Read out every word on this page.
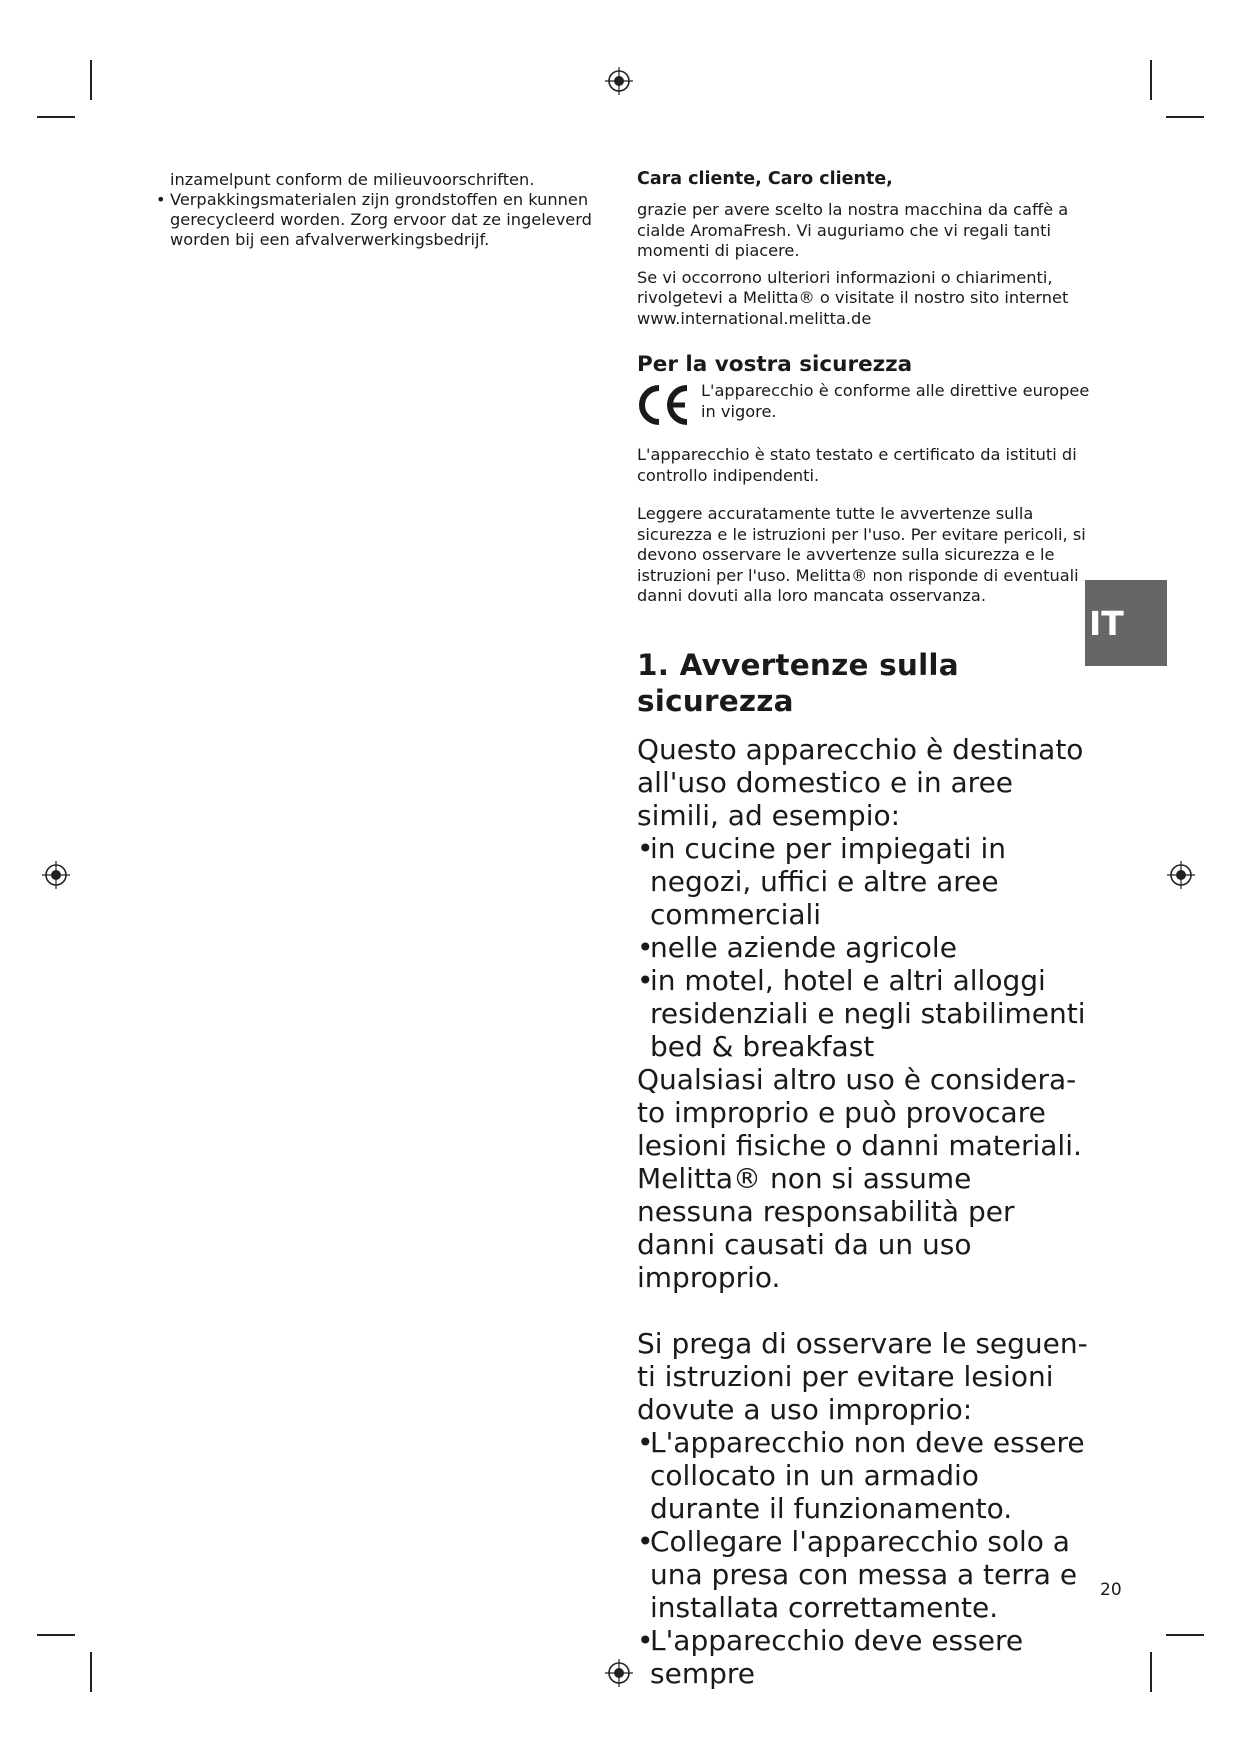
inzamelpunt conform de milieuvoorschriften.
• Verpakkingsmaterialen zijn grondstoffen en kunnen gerecycleerd worden. Zorg ervoor dat ze ingeleverd worden bij een afvalverwerkingsbedrijf.

Cara cliente, Caro cliente,

grazie per avere scelto la nostra macchina da caffè a cialde AromaFresh. Vi auguriamo che vi regali tanti momenti di piacere.

Se vi occorrono ulteriori informazioni o chiarimenti, rivolgetevi a Melitta® o visitate il nostro sito internet www.international.melitta.de

Per la vostra sicurezza

L'apparecchio è conforme alle direttive europee in vigore.

L'apparecchio è stato testato e certificato da istituti di controllo indipendenti.

Leggere accuratamente tutte le avvertenze sulla sicurezza e le istruzioni per l'uso. Per evitare pericoli, si devono osservare le avvertenze sulla sicurezza e le istruzioni per l'uso. Melitta® non risponde di eventuali danni dovuti alla loro mancata osservanza.

1. Avvertenze sulla sicurezza

Questo apparecchio è destinato all'uso domestico e in aree simili, ad esempio:

• in cucine per impiegati in negozi, uffici e altre aree commerciali
• nelle aziende agricole
• in motel, hotel e altri alloggi residenziali e negli stabilimenti bed & breakfast

Qualsiasi altro uso è considera-to improprio e può provocare lesioni fisiche o danni materiali. Melitta® non si assume nessuna responsabilità per danni causati da un uso improprio.

Si prega di osservare le seguen-ti istruzioni per evitare lesioni dovute a uso improprio:

• L'apparecchio non deve essere collocato in un armadio durante il funzionamento.
• Collegare l'apparecchio solo a una presa con messa a terra e installata correttamente.
• L'apparecchio deve essere sempre
IT
20
